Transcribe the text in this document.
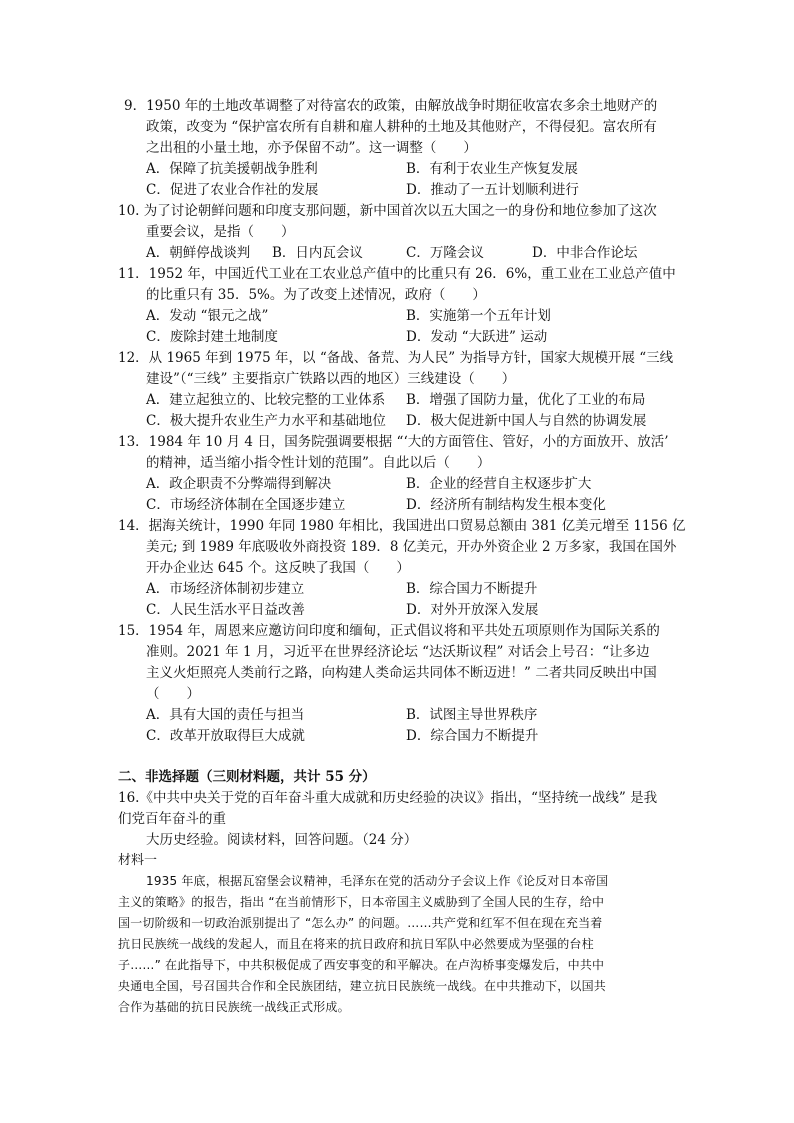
9．1950 年的土地改革调整了对待富农的政策，由解放战争时期征收富农多余土地财产的
政策，改变为 “保护富农所有自耕和雇人耕种的土地及其他财产，不得侵犯。富农所有
之出租的小量土地，亦予保留不动”。这一调整（　　）
A．保障了抗美援朝战争胜利	B．有利于农业生产恢复发展
C．促进了农业合作社的发展	D．推动了一五计划顺利进行
10. 为了讨论朝鲜问题和印度支那问题，新中国首次以五大国之一的身份和地位参加了这次
重要会议，是指（　　）
A．朝鲜停战谈判	B．日内瓦会议	C．万隆会议	D．中非合作论坛
11．1952 年，中国近代工业在工农业总产值中的比重只有 26．6%，重工业在工业总产值中
的比重只有 35．5%。为了改变上述情况，政府（　　）
A．发动 “银元之战”	B．实施第一个五年计划
C．废除封建土地制度	D．发动 “大跃进” 运动
12．从 1965 年到 1975 年，以 “备战、备荒、为人民” 为指导方针，国家大规模开展 “三线
建设”（“三线” 主要指京广铁路以西的地区）三线建设（　　）
A．建立起独立的、比较完整的工业体系	B．增强了国防力量，优化了工业的布局
C．极大提升农业生产力水平和基础地位	D．极大促进新中国人与自然的协调发展
13．1984 年 10 月 4 日，国务院强调要根据 “‘大的方面管住、管好，小的方面放开、放活’
的精神，适当缩小指令性计划的范围”。自此以后（　　）
A．政企职责不分弊端得到解决	B．企业的经营自主权逐步扩大
C．市场经济体制在全国逐步建立	D．经济所有制结构发生根本变化
14．据海关统计，1990 年同 1980 年相比，我国进出口贸易总额由 381 亿美元增至 1156 亿
美元; 到 1989 年底吸收外商投资 189．8 亿美元，开办外资企业 2 万多家，我国在国外
开办企业达 645 个。这反映了我国（　　）
A．市场经济体制初步建立	B．综合国力不断提升
C．人民生活水平日益改善	D．对外开放深入发展
15．1954 年，周恩来应邀访问印度和缅甸，正式倡议将和平共处五项原则作为国际关系的
准则。2021 年 1 月，习近平在世界经济论坛 “达沃斯议程” 对话会上号召：“让多边
主义火炬照亮人类前行之路，向构建人类命运共同体不断迈进！” 二者共同反映出中国
（　　）
A．具有大国的责任与担当	B．试图主导世界秩序
C．改革开放取得巨大成就	D．综合国力不断提升
二、非选择题（三则材料题，共计 55 分）
16.《中共中央关于党的百年奋斗重大成就和历史经验的决议》指出，“坚持统一战线” 是我
们党百年奋斗的重
大历史经验。阅读材料，回答问题。（24 分）
材料一
1935 年底，根据瓦窑堡会议精神，毛泽东在党的活动分子会议上作《论反对日本帝国
主义的策略》的报告，指出 “在当前情形下，日本帝国主义威胁到了全国人民的生存，给中
国一切阶级和一切政治派别提出了 “怎么办” 的问题。……共产党和红军不但在现在充当着
抗日民族统一战线的发起人，而且在将来的抗日政府和抗日军队中必然要成为坚强的台柱
子……” 在此指导下，中共积极促成了西安事变的和平解决。在卢沟桥事变爆发后，中共中
央通电全国，号召国共合作和全民族团结，建立抗日民族统一战线。在中共推动下，以国共
合作为基础的抗日民族统一战线正式形成。
